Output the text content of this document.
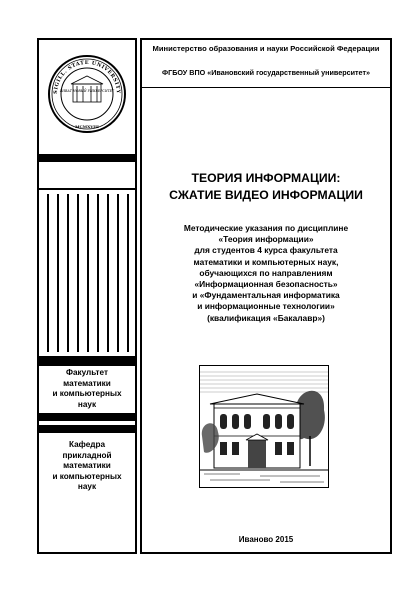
SIGILL. STATE UNIVERSITY
ВИВАТ НОВЫЙ УНИВЕРСИТЕТ
MCMXVIII
Факультет
математики
и компьютерных
наук
Кафедра
прикладной
математики
и компьютерных
наук
Министерство образования и науки Российской Федерации
ФГБОУ ВПО «Ивановский государственный университет»
ТЕОРИЯ ИНФОРМАЦИИ:
СЖАТИЕ ВИДЕО ИНФОРМАЦИИ
Методические указания по дисциплине
«Теория информации»
для студентов 4 курса факультета
математики и компьютерных наук,
обучающихся по направлениям
«Информационная безопасность»
и «Фундаментальная информатика
и информационные технологии»
(квалификация «Бакалавр»)
Иваново 2015
